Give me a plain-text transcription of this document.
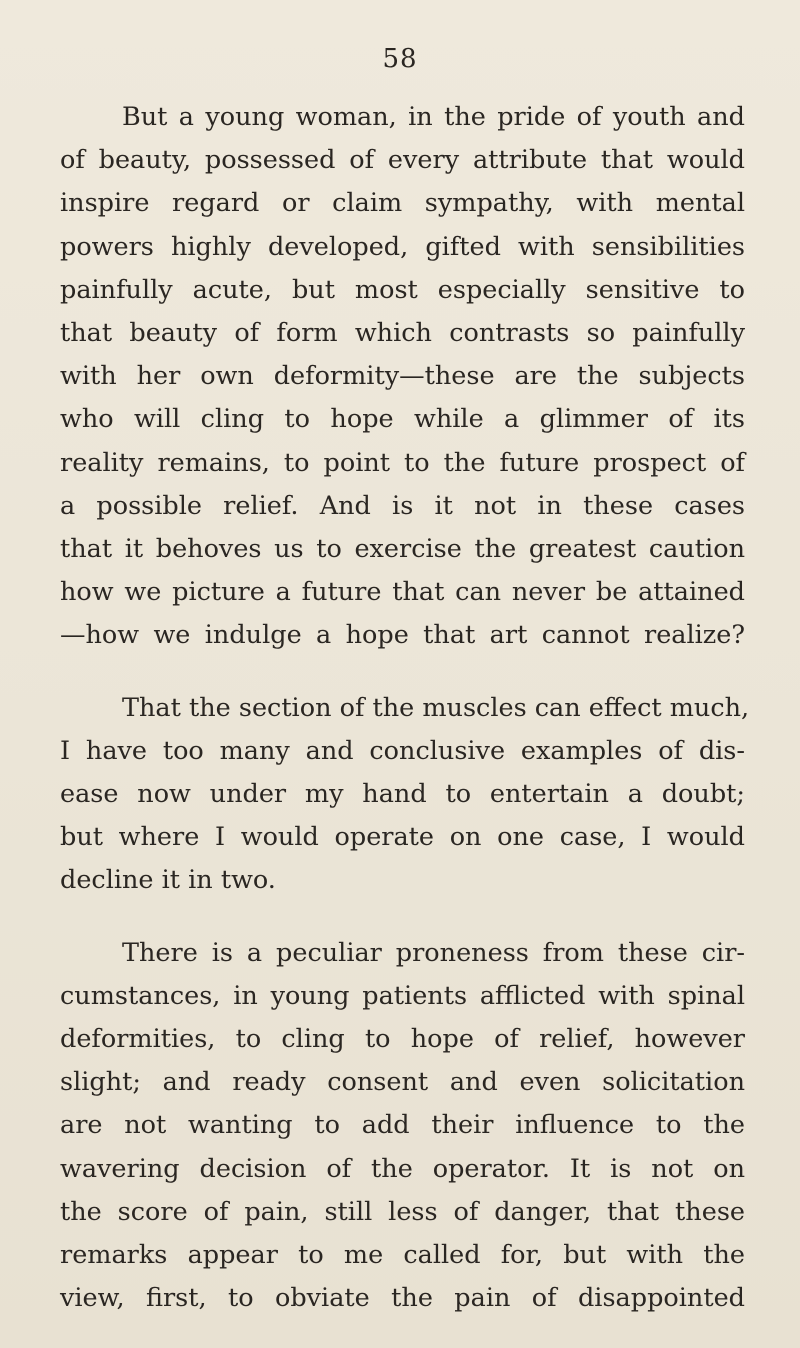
58

But a young woman, in the pride of youth and
of beauty, possessed of every attribute that would
inspire regard or claim sympathy, with mental
powers highly developed, gifted with sensibilities
painfully acute, but most especially sensitive to
that beauty of form which contrasts so painfully
with her own deformity—these are the subjects
who will cling to hope while a glimmer of its
reality remains, to point to the future prospect of
a possible relief. And is it not in these cases
that it behoves us to exercise the greatest caution
how we picture a future that can never be attained
—how we indulge a hope that art cannot realize?

That the section of the muscles can effect much,
I have too many and conclusive examples of dis-
ease now under my hand to entertain a doubt;
but where I would operate on one case, I would
decline it in two.

There is a peculiar proneness from these cir-
cumstances, in young patients afflicted with spinal
deformities, to cling to hope of relief, however
slight; and ready consent and even solicitation
are not wanting to add their influence to the
wavering decision of the operator. It is not on
the score of pain, still less of danger, that these
remarks appear to me called for, but with the
view, first, to obviate the pain of disappointed
